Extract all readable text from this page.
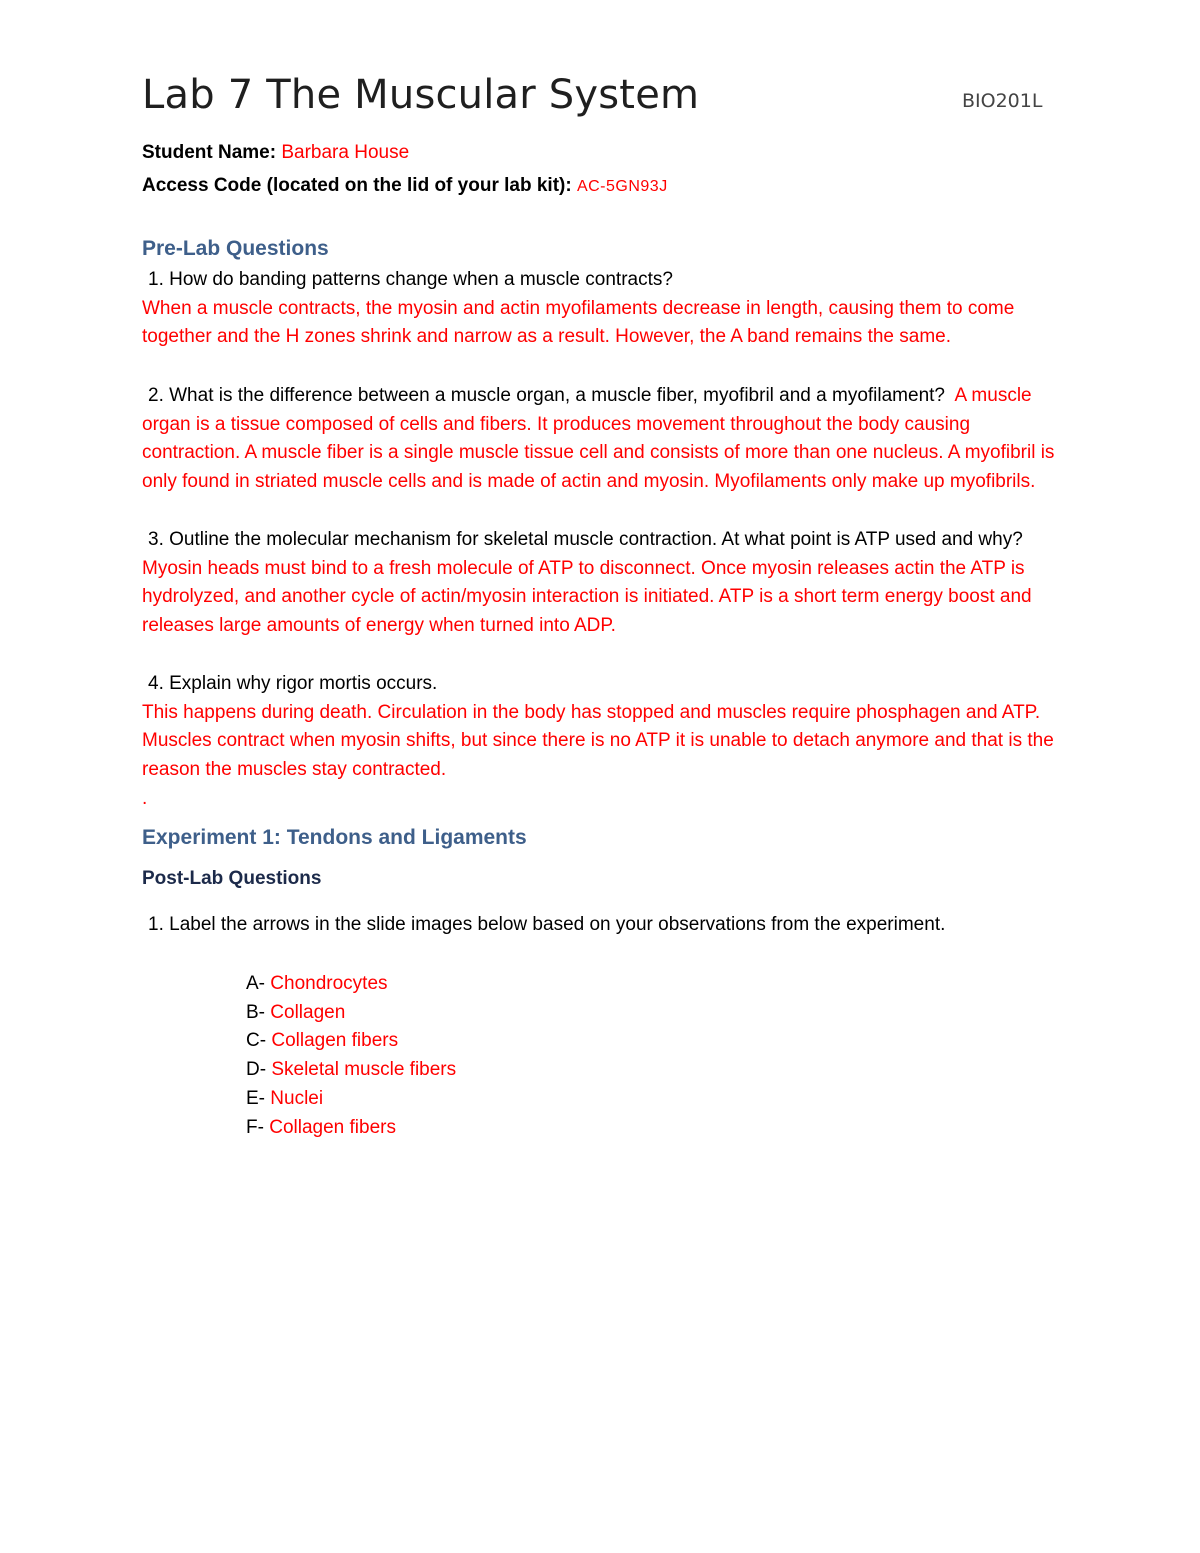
Lab 7 The Muscular System	BIO201L
Student Name: Barbara House
Access Code (located on the lid of your lab kit): AC-5GN93J
Pre-Lab Questions
1. How do banding patterns change when a muscle contracts?
When a muscle contracts, the myosin and actin myofilaments decrease in length, causing them to come together and the H zones shrink and narrow as a result. However, the A band remains the same.
2. What is the difference between a muscle organ, a muscle fiber, myofibril and a myofilament? A muscle organ is a tissue composed of cells and fibers. It produces movement throughout the body causing contraction. A muscle fiber is a single muscle tissue cell and consists of more than one nucleus. A myofibril is only found in striated muscle cells and is made of actin and myosin. Myofilaments only make up myofibrils.
3. Outline the molecular mechanism for skeletal muscle contraction. At what point is ATP used and why?
Myosin heads must bind to a fresh molecule of ATP to disconnect. Once myosin releases actin the ATP is hydrolyzed, and another cycle of actin/myosin interaction is initiated. ATP is a short term energy boost and releases large amounts of energy when turned into ADP.
4. Explain why rigor mortis occurs.
This happens during death. Circulation in the body has stopped and muscles require phosphagen and ATP. Muscles contract when myosin shifts, but since there is no ATP it is unable to detach anymore and that is the reason the muscles stay contracted.
.
Experiment 1: Tendons and Ligaments
Post-Lab Questions
1. Label the arrows in the slide images below based on your observations from the experiment.
A- Chondrocytes
B- Collagen
C- Collagen fibers
D- Skeletal muscle fibers
E- Nuclei
F- Collagen fibers
